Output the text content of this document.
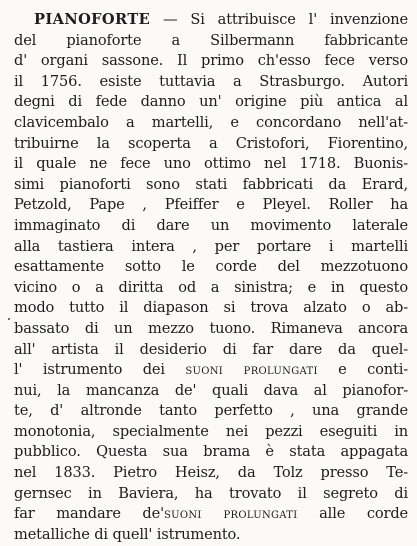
PIANOFORTE — Si attribuisce l' invenzione
del pianoforte a Silbermann fabbricante
d' organi sassone. Il primo ch'esso fece verso
il 1756. esiste tuttavia a Strasburgo. Autori
degni di fede danno un' origine più antica al
clavicembalo a martelli, e concordano nell'at-
tribuirne la scoperta a Cristofori, Fiorentino,
il quale ne fece uno ottimo nel 1718. Buonis-
simi pianoforti sono stati fabbricati da Erard,
Petzold, Pape , Pfeiffer e Pleyel. Roller ha
immaginato di dare un movimento laterale
alla tastiera intera , per portare i martelli
esattamente sotto le corde del mezzotuono
vicino o a diritta od a sinistra; e in questo
modo tutto il diapason si trova alzato o ab-
bassato di un mezzo tuono. Rimaneva ancora
all' artista il desiderio di far dare da quel-
l' istrumento dei suoni prolungati e conti-
nui, la mancanza de' quali dava al pianofor-
te, d' altronde tanto perfetto , una grande
monotonia, specialmente nei pezzi eseguiti in
pubblico. Questa sua brama è stata appagata
nel 1833. Pietro Heisz, da Tolz presso Te-
gernsec in Baviera, ha trovato il segreto di
far mandare de'suoni prolungati alle corde
metalliche di quell' istrumento.
